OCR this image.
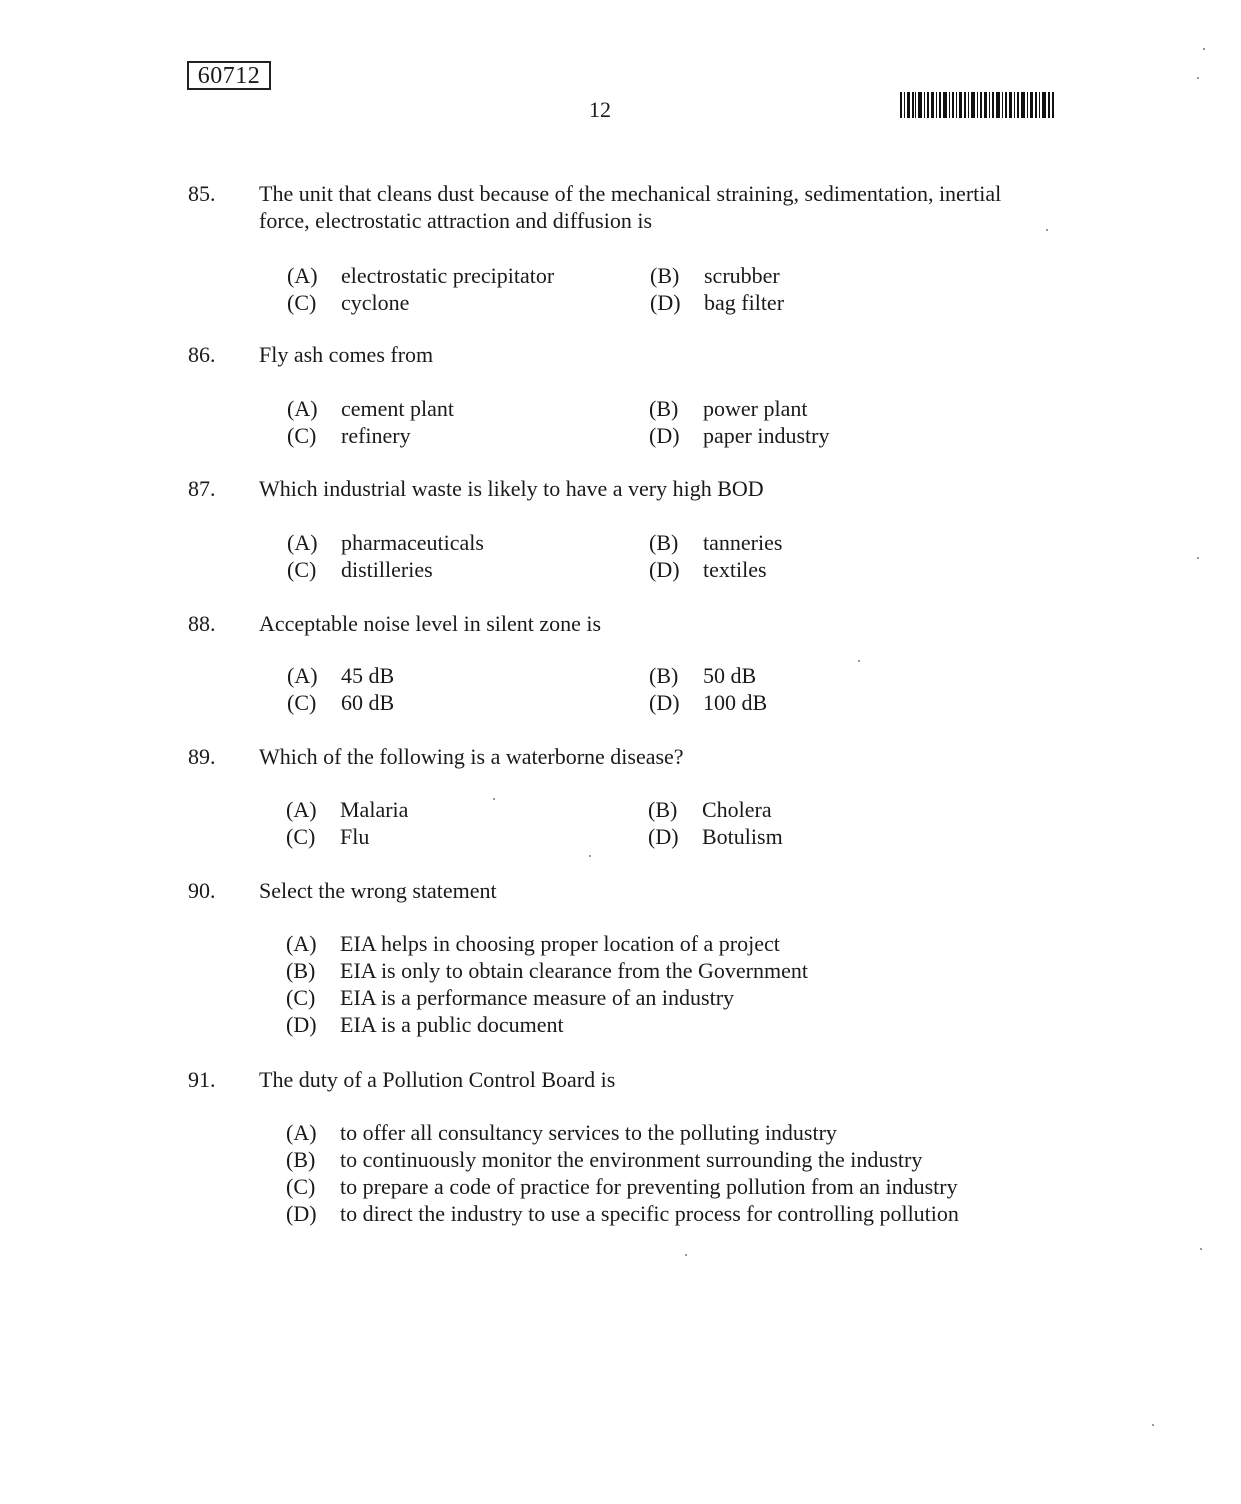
60712
12
85. The unit that cleans dust because of the mechanical straining, sedimentation, inertial force, electrostatic attraction and diffusion is
(A) electrostatic precipitator	(B) scrubber
(C) cyclone	(D) bag filter
86. Fly ash comes from
(A) cement plant	(B) power plant
(C) refinery	(D) paper industry
87. Which industrial waste is likely to have a very high BOD
(A) pharmaceuticals	(B) tanneries
(C) distilleries	(D) textiles
88. Acceptable noise level in silent zone is
(A) 45 dB	(B) 50 dB
(C) 60 dB	(D) 100 dB
89. Which of the following is a waterborne disease?
(A) Malaria	(B) Cholera
(C) Flu	(D) Botulism
90. Select the wrong statement
(A) EIA helps in choosing proper location of a project
(B) EIA is only to obtain clearance from the Government
(C) EIA is a performance measure of an industry
(D) EIA is a public document
91. The duty of a Pollution Control Board is
(A) to offer all consultancy services to the polluting industry
(B) to continuously monitor the environment surrounding the industry
(C) to prepare a code of practice for preventing pollution from an industry
(D)	to direct the industry to use a specific process for controlling pollution
